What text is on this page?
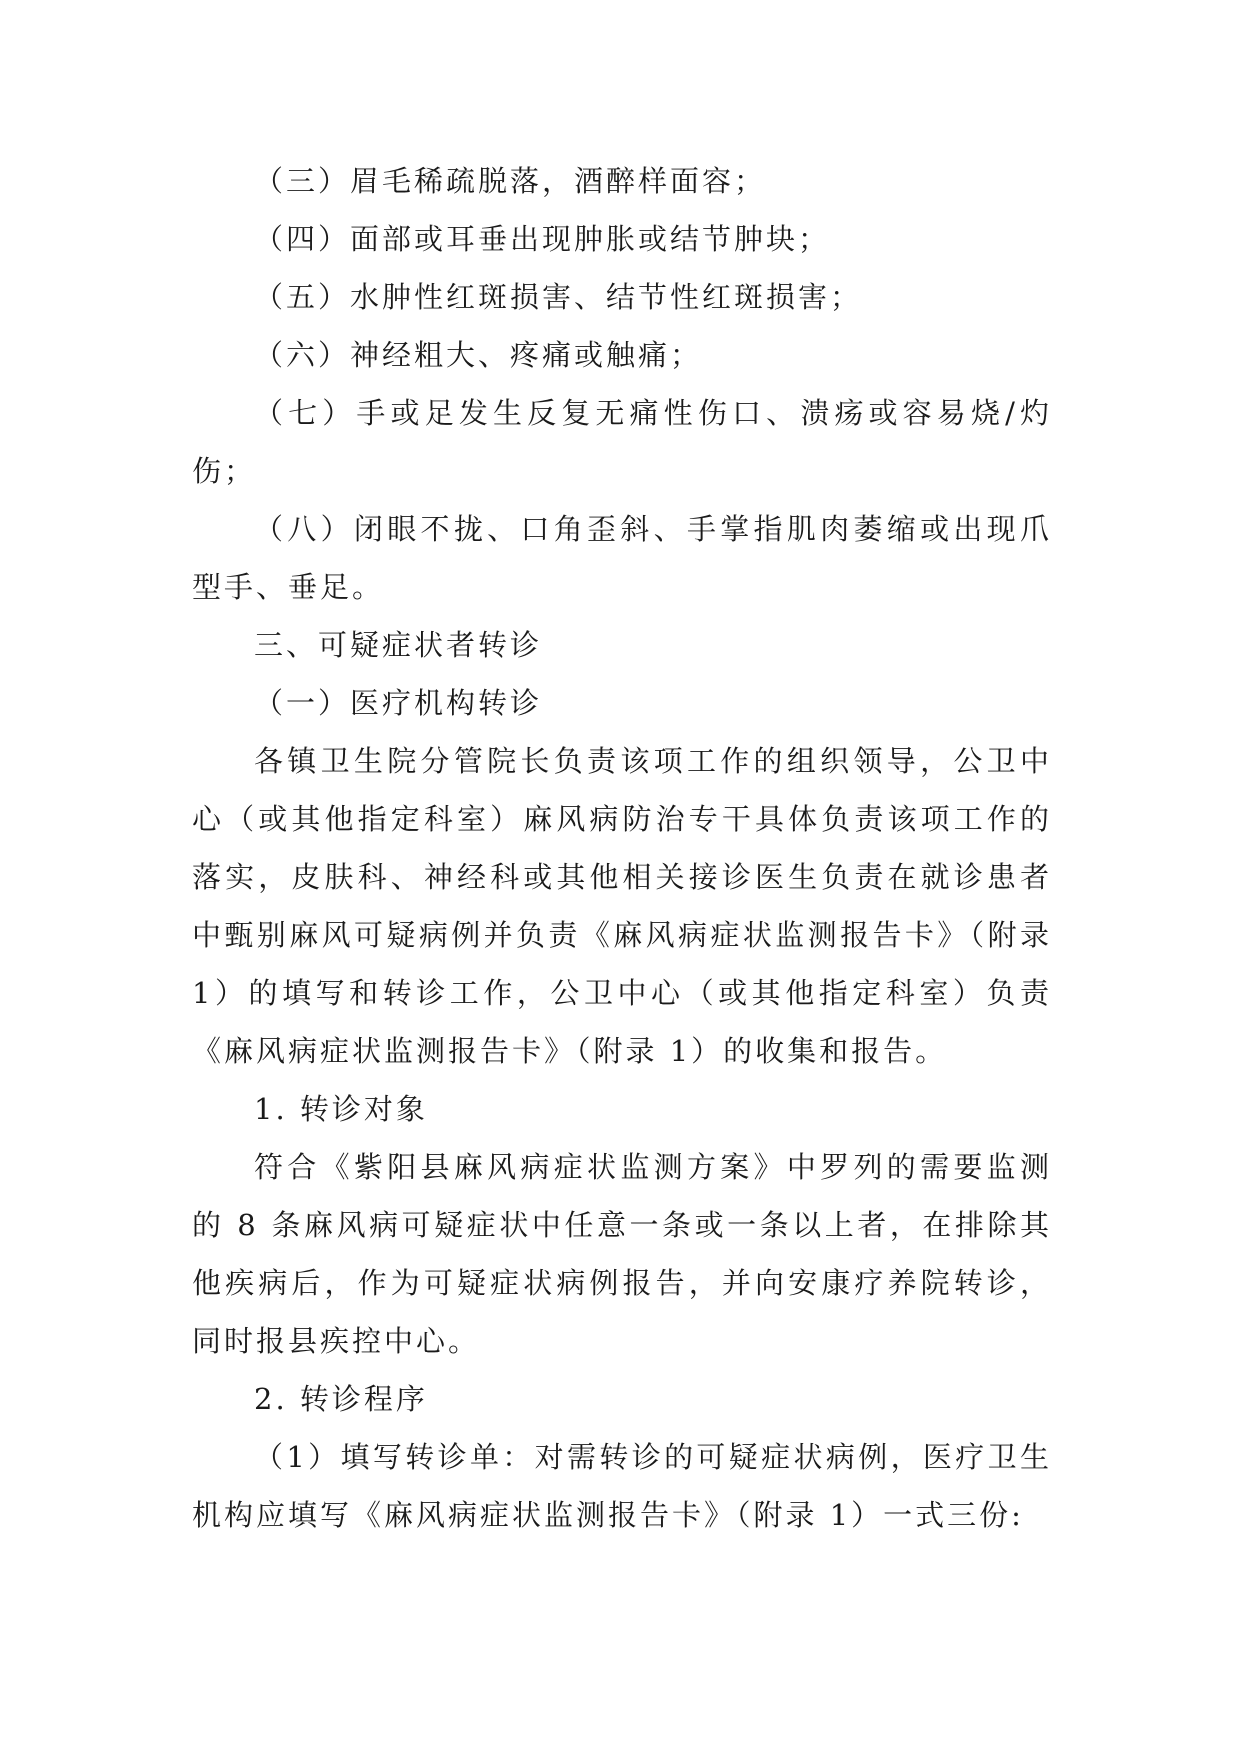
（三）眉毛稀疏脱落，酒醉样面容；

（四）面部或耳垂出现肿胀或结节肿块；

（五）水肿性红斑损害、结节性红斑损害；

（六）神经粗大、疼痛或触痛；

（七）手或足发生反复无痛性伤口、溃疡或容易烧/灼伤；

（八）闭眼不拢、口角歪斜、手掌指肌肉萎缩或出现爪型手、垂足。

三、可疑症状者转诊

（一）医疗机构转诊

各镇卫生院分管院长负责该项工作的组织领导，公卫中心（或其他指定科室）麻风病防治专干具体负责该项工作的落实，皮肤科、神经科或其他相关接诊医生负责在就诊患者中甄别麻风可疑病例并负责《麻风病症状监测报告卡》（附录 1）的填写和转诊工作，公卫中心（或其他指定科室）负责《麻风病症状监测报告卡》（附录 1）的收集和报告。

1. 转诊对象

符合《紫阳县麻风病症状监测方案》中罗列的需要监测的 8 条麻风病可疑症状中任意一条或一条以上者，在排除其他疾病后，作为可疑症状病例报告，并向安康疗养院转诊，同时报县疾控中心。

2. 转诊程序

（1）填写转诊单：对需转诊的可疑症状病例，医疗卫生机构应填写《麻风病症状监测报告卡》（附录 1）一式三份:
